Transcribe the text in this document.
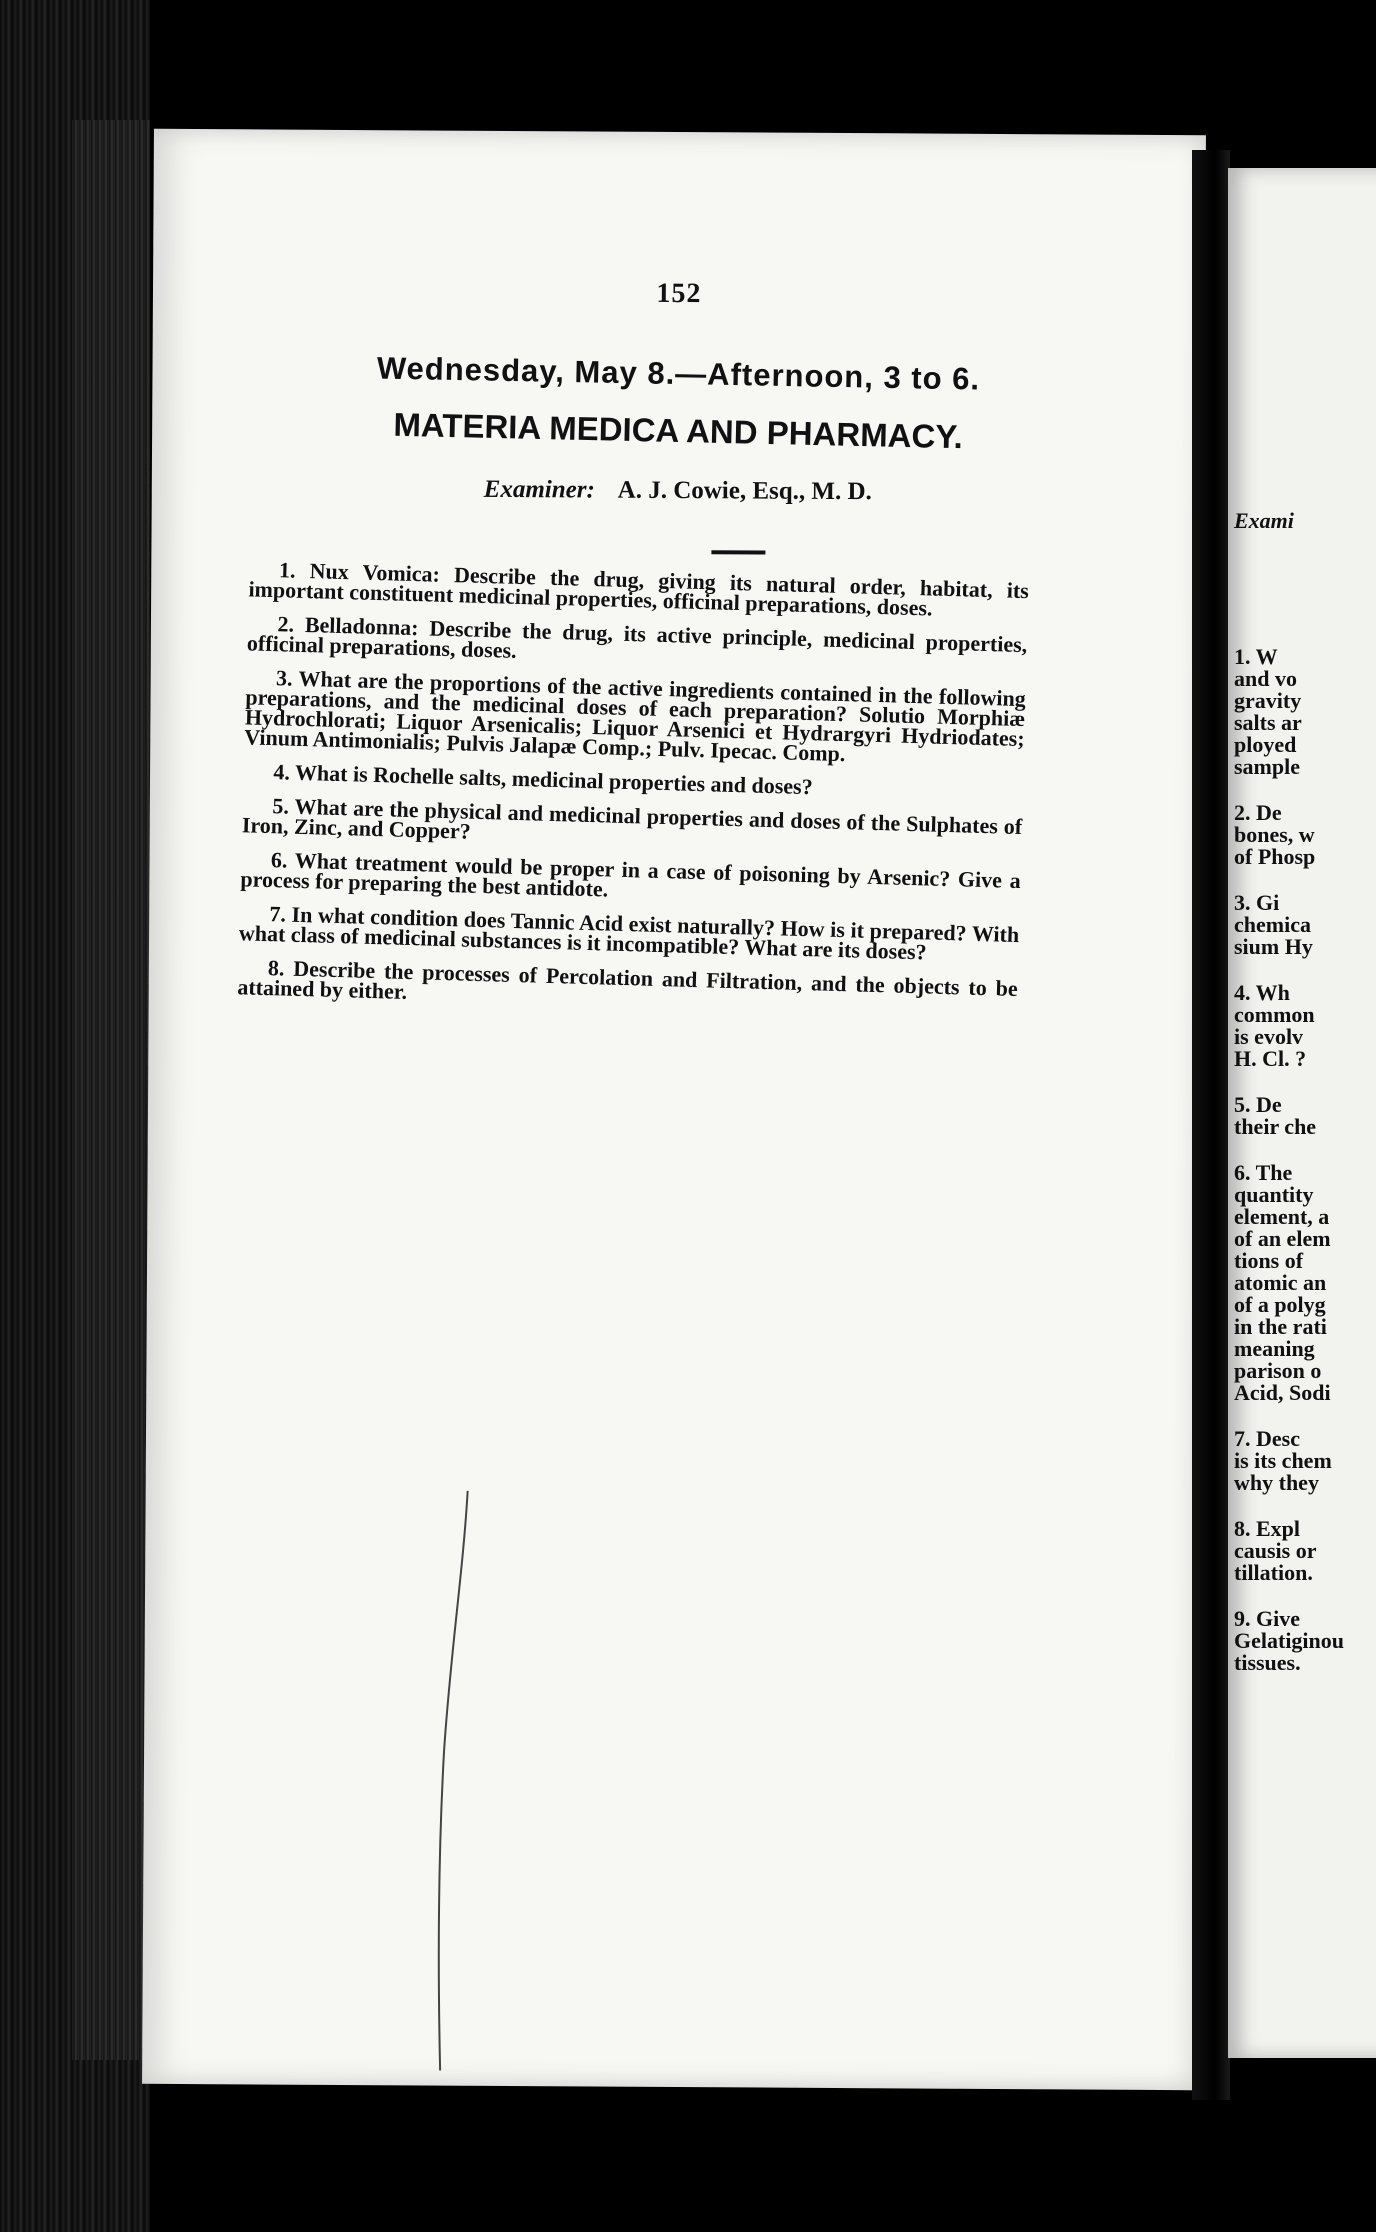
152
Wednesday, May 8.—Afternoon, 3 to 6.
MATERIA MEDICA AND PHARMACY.
Examiner: A. J. Cowie, Esq., M. D.

1. Nux Vomica: Describe the drug, giving its natural order, habitat, its important constituent medicinal properties, officinal preparations, doses.

2. Belladonna: Describe the drug, its active principle, medicinal properties, officinal preparations, doses.

3. What are the proportions of the active ingredients contained in the following preparations, and the medicinal doses of each preparation? Solutio Morphiæ Hydrochlorati; Liquor Arsenicalis; Liquor Arsenici et Hydrargyri Hydriodates; Vinum Antimonialis; Pulvis Jalapæ Comp.; Pulv. Ipecac. Comp.

4. What is Rochelle salts, medicinal properties and doses?

5. What are the physical and medicinal properties and doses of the Sulphates of Iron, Zinc, and Copper?

6. What treatment would be proper in a case of poisoning by Arsenic? Give a process for preparing the best antidote.

7. In what condition does Tannic Acid exist naturally? How is it prepared? With what class of medicinal substances is it incompatible? What are its doses?

8. Describe the processes of Percolation and Filtration, and the objects to be attained by either.

Exami
1. W
and vo
gravity
salts ar
ployed
sample
2. De
bones, w
of Phosp
3. Gi
chemica
sium Hy
4. Wh
common
is evolv
H. Cl. ?
5. De
their che
6. The
quantity
element, a
of an elem
tions of
atomic an
of a polyg
in the rati
meaning
parison o
Acid, Sodi
7. Desc
is its chem
why they
8. Expl
causis or
tillation.
9. Give
Gelatiginou
tissues.
